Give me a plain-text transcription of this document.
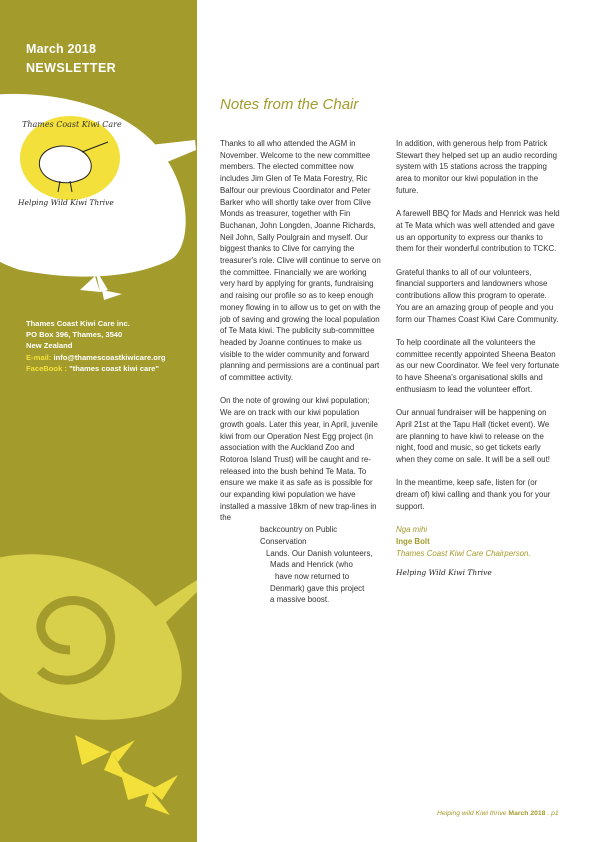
March 2018
NEWSLETTER
Thames Coast Kiwi Care
Helping Wild Kiwi Thrive
Thames Coast Kiwi Care inc.
PO Box 396, Thames, 3540
New Zealand
E-mail: info@thamescoastkiwicare.org
FaceBook : "thames coast kiwi care"
Notes from the Chair

Thanks to all who attended the AGM in November. Welcome to the new committee members. The elected committee now includes Jim Glen of Te Mata Forestry, Ric Balfour our previous Coordinator and Peter Barker who will shortly take over from Clive Monds as treasurer, together with Fin Buchanan, John Longden, Joanne Richards, Neil John, Sally Poulgrain and myself. Our biggest thanks to Clive for carrying the treasurer's role. Clive will continue to serve on the committee. Financially we are working very hard by applying for grants, fundraising and raising our profile so as to keep enough money flowing in to allow us to get on with the job of saving and growing the local population of Te Mata kiwi. The publicity sub-committee headed by Joanne continues to make us visible to the wider community and forward planning and permissions are a continual part of committee activity.

On the note of growing our kiwi population; We are on track with our kiwi population growth goals. Later this year, in April, juvenile kiwi from our Operation Nest Egg project (in association with the Auckland Zoo and Rotoroa Island Trust) will be caught and re-released into the bush behind Te Mata. To ensure we make it as safe as is possible for our expanding kiwi population we have installed a massive 18km of new trap-lines in the
backcountry on Public Conservation
Lands. Our Danish volunteers,
Mads and Henrick (who
have now returned to
Denmark) gave this project
a massive boost.

In addition, with generous help from Patrick Stewart they helped set up an audio recording system with 15 stations across the trapping area to monitor our kiwi population in the future.

A farewell BBQ for Mads and Henrick was held at Te Mata which was well attended and gave us an opportunity to express our thanks to them for their wonderful contribution to TCKC.

Grateful thanks to all of our volunteers, financial supporters and landowners whose contributions allow this program to operate. You are an amazing group of people and you form our Thames Coast Kiwi Care Community.

To help coordinate all the volunteers the committee recently appointed Sheena Beaton as our new Coordinator. We feel very fortunate to have Sheena's organisational skills and enthusiasm to lead the volunteer effort.

Our annual fundraiser will be happening on April 21st at the Tapu Hall (ticket event). We are planning to have kiwi to release on the night, food and music, so get tickets early when they come on sale. It will be a sell out!

In the meantime, keep safe, listen for (or dream of) kiwi calling and thank you for your support.

Nga mihi
Inge Bolt
Thames Coast Kiwi Care Chairperson.
Helping Wild Kiwi Thrive
Helping wild Kiwi thrive March 2018 . p1
